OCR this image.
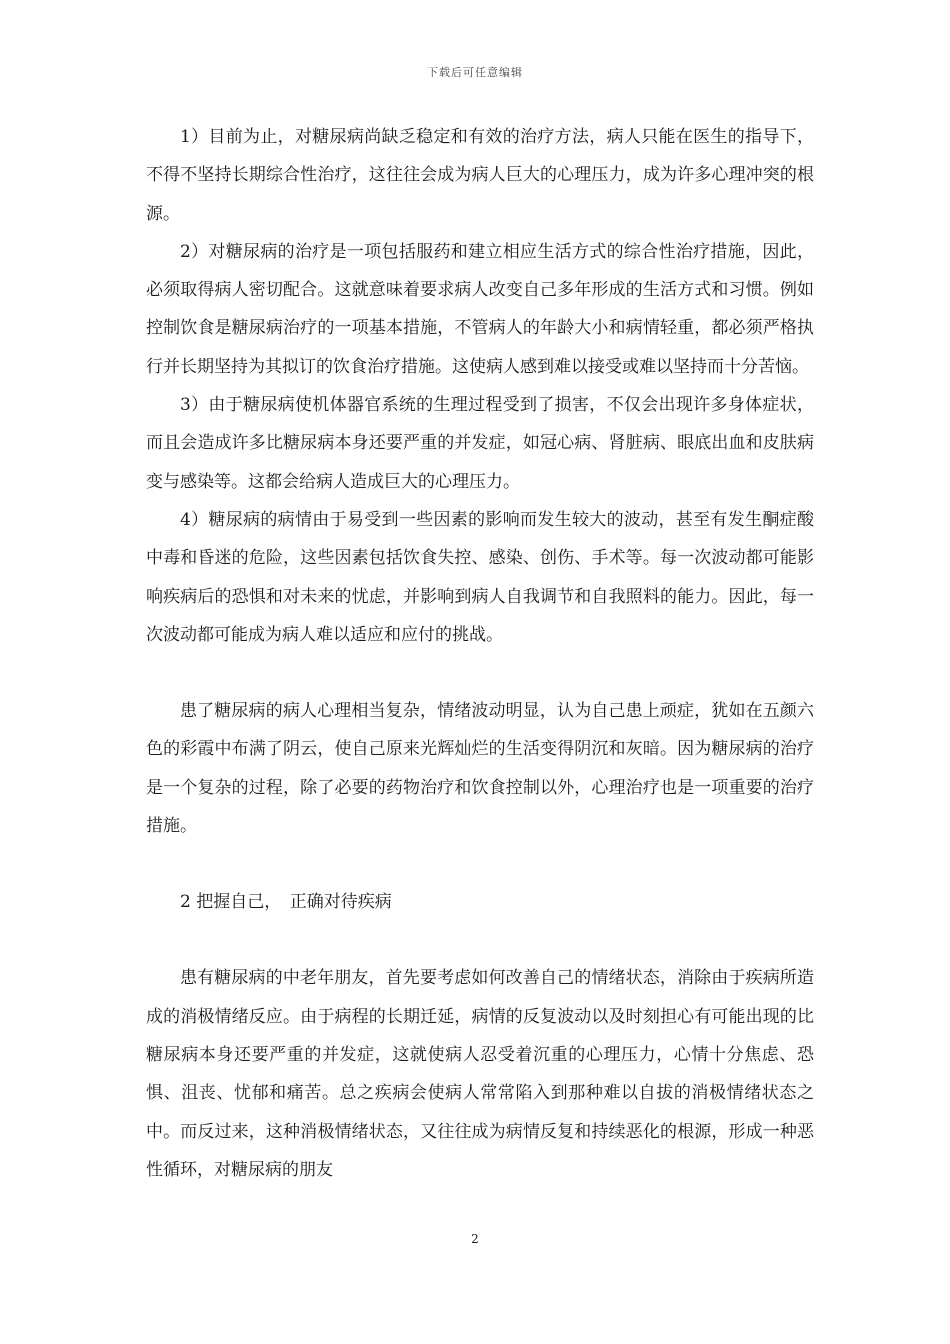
下载后可任意编辑

1）目前为止，对糖尿病尚缺乏稳定和有效的治疗方法，病人只能在医生的指导下，不得不坚持长期综合性治疗，这往往会成为病人巨大的心理压力，成为许多心理冲突的根源。

2）对糖尿病的治疗是一项包括服药和建立相应生活方式的综合性治疗措施，因此，必须取得病人密切配合。这就意味着要求病人改变自己多年形成的生活方式和习惯。例如控制饮食是糖尿病治疗的一项基本措施，不管病人的年龄大小和病情轻重，都必须严格执行并长期坚持为其拟订的饮食治疗措施。这使病人感到难以接受或难以坚持而十分苦恼。

3）由于糖尿病使机体器官系统的生理过程受到了损害，不仅会出现许多身体症状，而且会造成许多比糖尿病本身还要严重的并发症，如冠心病、肾脏病、眼底出血和皮肤病变与感染等。这都会给病人造成巨大的心理压力。

4）糖尿病的病情由于易受到一些因素的影响而发生较大的波动，甚至有发生酮症酸中毒和昏迷的危险，这些因素包括饮食失控、感染、创伤、手术等。每一次波动都可能影响疾病后的恐惧和对未来的忧虑，并影响到病人自我调节和自我照料的能力。因此，每一次波动都可能成为病人难以适应和应付的挑战。

患了糖尿病的病人心理相当复杂，情绪波动明显，认为自己患上顽症，犹如在五颜六色的彩霞中布满了阴云，使自己原来光辉灿烂的生活变得阴沉和灰暗。因为糖尿病的治疗是一个复杂的过程，除了必要的药物治疗和饮食控制以外，心理治疗也是一项重要的治疗措施。

2 把握自己，　正确对待疾病

患有糖尿病的中老年朋友，首先要考虑如何改善自己的情绪状态，消除由于疾病所造成的消极情绪反应。由于病程的长期迁延，病情的反复波动以及时刻担心有可能出现的比糖尿病本身还要严重的并发症，这就使病人忍受着沉重的心理压力，心情十分焦虑、恐惧、沮丧、忧郁和痛苦。总之疾病会使病人常常陷入到那种难以自拔的消极情绪状态之中。而反过来，这种消极情绪状态，又往往成为病情反复和持续恶化的根源，形成一种恶性循环，对糖尿病的朋友

2
